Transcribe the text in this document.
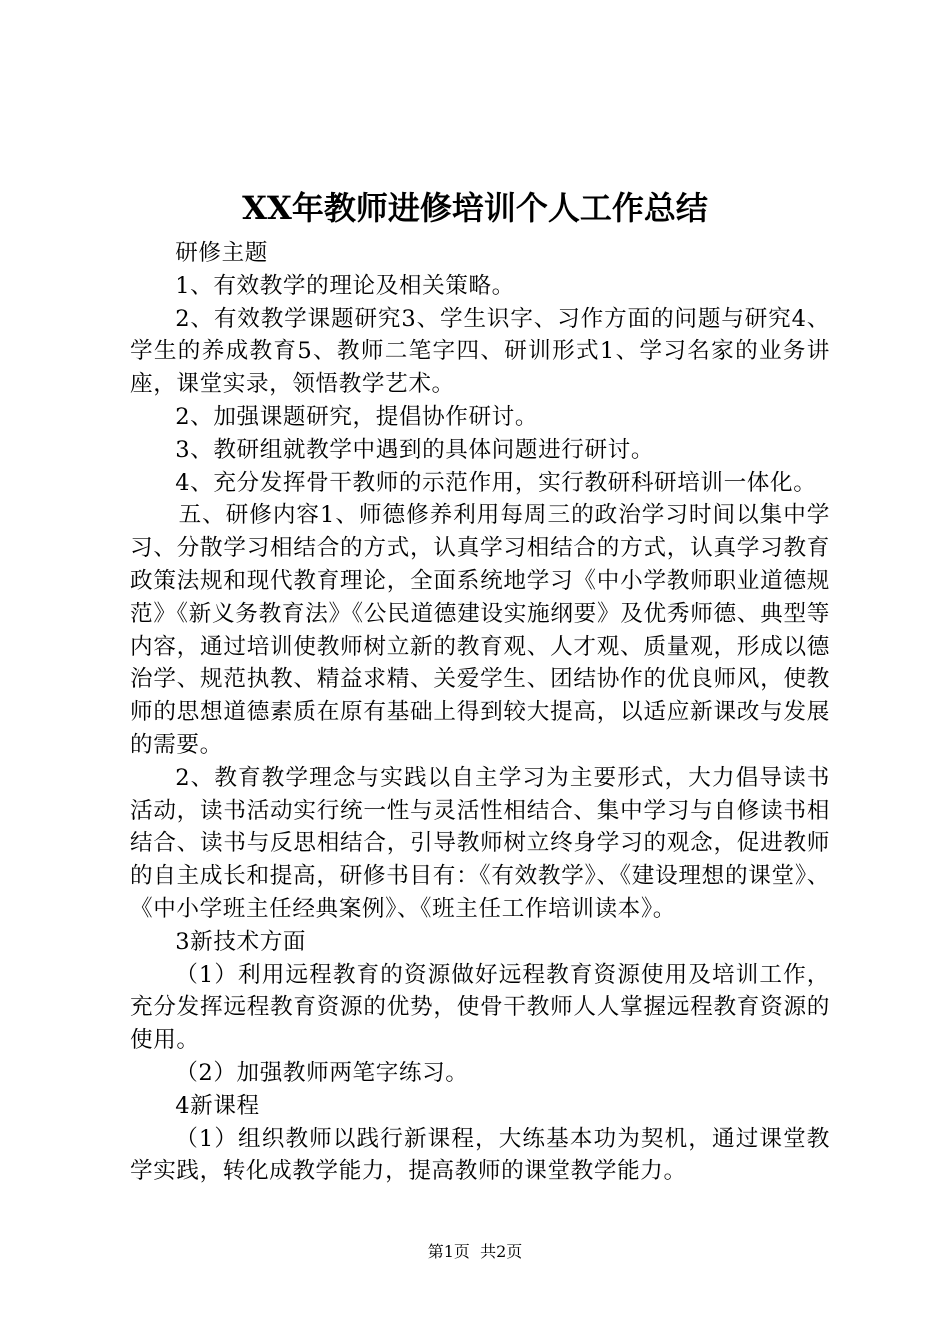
XX年教师进修培训个人工作总结

研修主题

1、有效教学的理论及相关策略。

2、有效教学课题研究3、学生识字、习作方面的问题与研究4、学生的养成教育5、教师二笔字四、研训形式1、学习名家的业务讲座，课堂实录，领悟教学艺术。

2、加强课题研究，提倡协作研讨。

3、教研组就教学中遇到的具体问题进行研讨。

4、充分发挥骨干教师的示范作用，实行教研科研培训一体化。

五、研修内容1、师德修养利用每周三的政治学习时间以集中学习、分散学习相结合的方式，认真学习相结合的方式，认真学习教育政策法规和现代教育理论，全面系统地学习《中小学教师职业道德规范》《新义务教育法》《公民道德建设实施纲要》及优秀师德、典型等内容，通过培训使教师树立新的教育观、人才观、质量观，形成以德治学、规范执教、精益求精、关爱学生、团结协作的优良师风，使教师的思想道德素质在原有基础上得到较大提高，以适应新课改与发展的需要。

2、教育教学理念与实践以自主学习为主要形式，大力倡导读书活动，读书活动实行统一性与灵活性相结合、集中学习与自修读书相结合、读书与反思相结合，引导教师树立终身学习的观念，促进教师的自主成长和提高，研修书目有：《有效教学》、《建设理想的课堂》、《中小学班主任经典案例》、《班主任工作培训读本》。

3新技术方面

（1）利用远程教育的资源做好远程教育资源使用及培训工作，充分发挥远程教育资源的优势，使骨干教师人人掌握远程教育资源的使用。

（2）加强教师两笔字练习。

4新课程

（1）组织教师以践行新课程，大练基本功为契机，通过课堂教学实践，转化成教学能力，提高教师的课堂教学能力。

第1页  共2页
